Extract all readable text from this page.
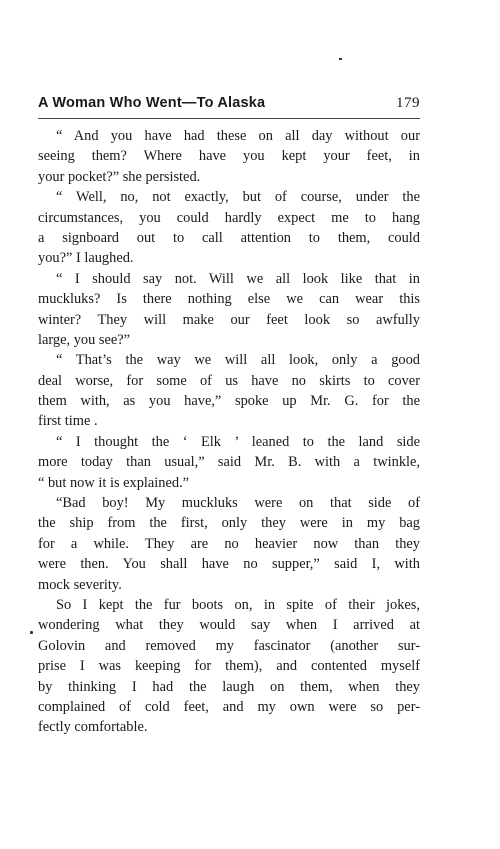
A Woman Who Went—To Alaska	179
“ And you have had these on all day without our
seeing them? Where have you kept your feet, in
your pocket?” she persisted.
“ Well, no, not exactly, but of course, under the
circumstances, you could hardly expect me to hang
a signboard out to call attention to them, could
you?” I laughed.
“ I should say not. Will we all look like that in
muckluks? Is there nothing else we can wear this
winter? They will make our feet look so awfully
large, you see?”
“ That’s the way we will all look, only a good
deal worse, for some of us have no skirts to cover
them with, as you have,” spoke up Mr. G. for the
first time .
“ I thought the ‘ Elk ’ leaned to the land side
more today than usual,” said Mr. B. with a twinkle,
“ but now it is explained.”
“Bad boy! My muckluks were on that side of
the ship from the first, only they were in my bag
for a while. They are no heavier now than they
were then. You shall have no supper,” said I, with
mock severity.
So I kept the fur boots on, in spite of their jokes,
wondering what they would say when I arrived at
Golovin and removed my fascinator (another sur-
prise I was keeping for them), and contented myself
by thinking I had the laugh on them, when they
complained of cold feet, and my own were so per-
fectly comfortable.
